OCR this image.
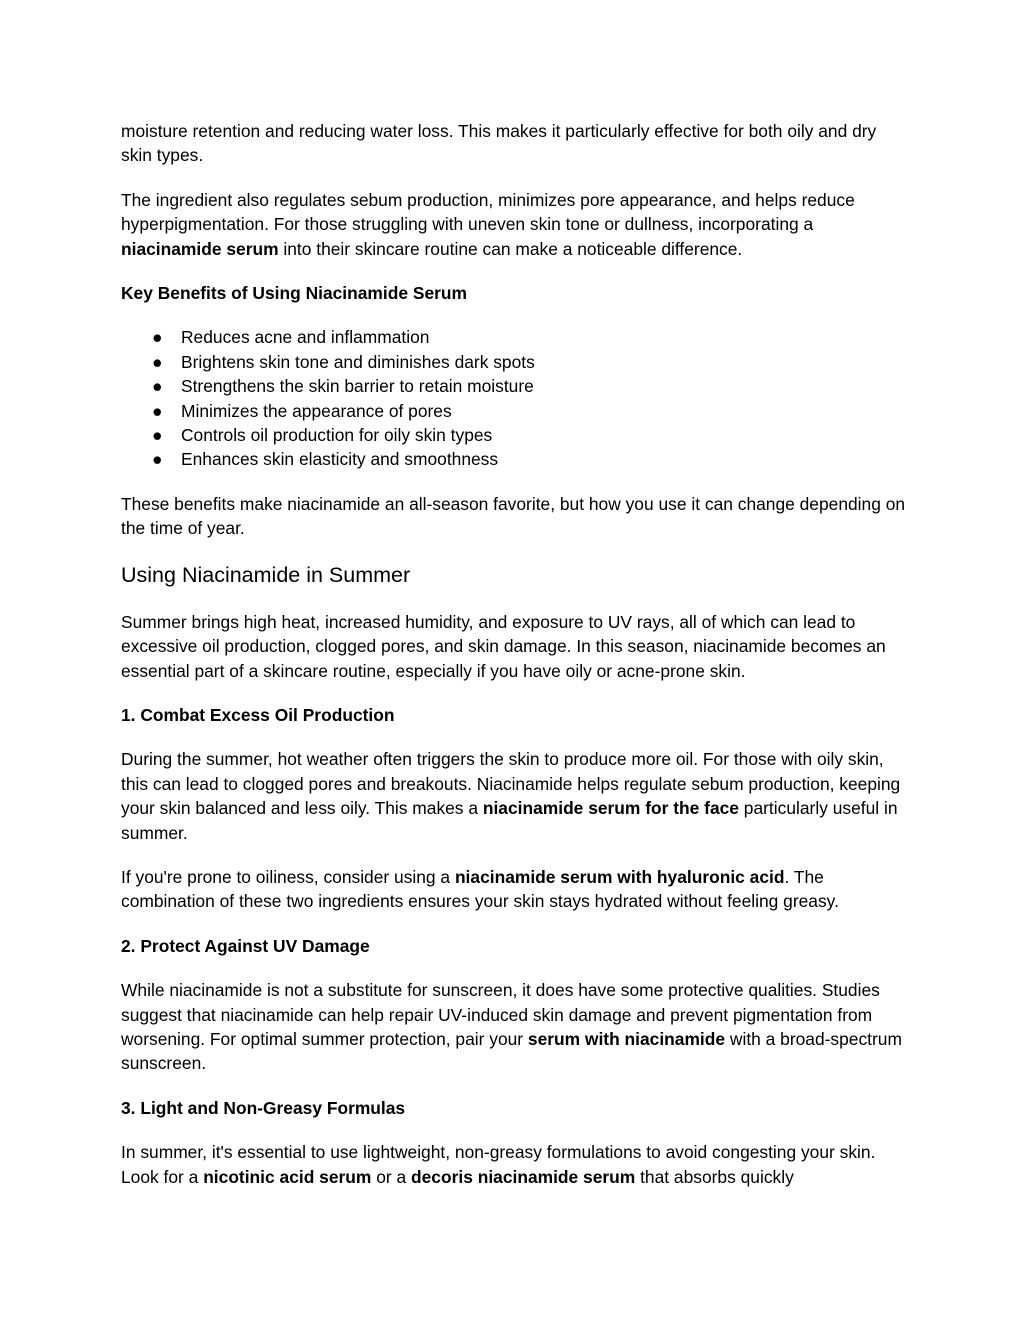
moisture retention and reducing water loss. This makes it particularly effective for both oily and dry skin types.

The ingredient also regulates sebum production, minimizes pore appearance, and helps reduce hyperpigmentation. For those struggling with uneven skin tone or dullness, incorporating a niacinamide serum into their skincare routine can make a noticeable difference.

Key Benefits of Using Niacinamide Serum
● Reduces acne and inflammation
● Brightens skin tone and diminishes dark spots
● Strengthens the skin barrier to retain moisture
● Minimizes the appearance of pores
● Controls oil production for oily skin types
● Enhances skin elasticity and smoothness

These benefits make niacinamide an all-season favorite, but how you use it can change depending on the time of year.

Using Niacinamide in Summer

Summer brings high heat, increased humidity, and exposure to UV rays, all of which can lead to excessive oil production, clogged pores, and skin damage. In this season, niacinamide becomes an essential part of a skincare routine, especially if you have oily or acne-prone skin.

1. Combat Excess Oil Production

During the summer, hot weather often triggers the skin to produce more oil. For those with oily skin, this can lead to clogged pores and breakouts. Niacinamide helps regulate sebum production, keeping your skin balanced and less oily. This makes a niacinamide serum for the face particularly useful in summer.

If you're prone to oiliness, consider using a niacinamide serum with hyaluronic acid. The combination of these two ingredients ensures your skin stays hydrated without feeling greasy.

2. Protect Against UV Damage

While niacinamide is not a substitute for sunscreen, it does have some protective qualities. Studies suggest that niacinamide can help repair UV-induced skin damage and prevent pigmentation from worsening. For optimal summer protection, pair your serum with niacinamide with a broad-spectrum sunscreen.

3. Light and Non-Greasy Formulas

In summer, it's essential to use lightweight, non-greasy formulations to avoid congesting your skin. Look for a nicotinic acid serum or a decoris niacinamide serum that absorbs quickly
